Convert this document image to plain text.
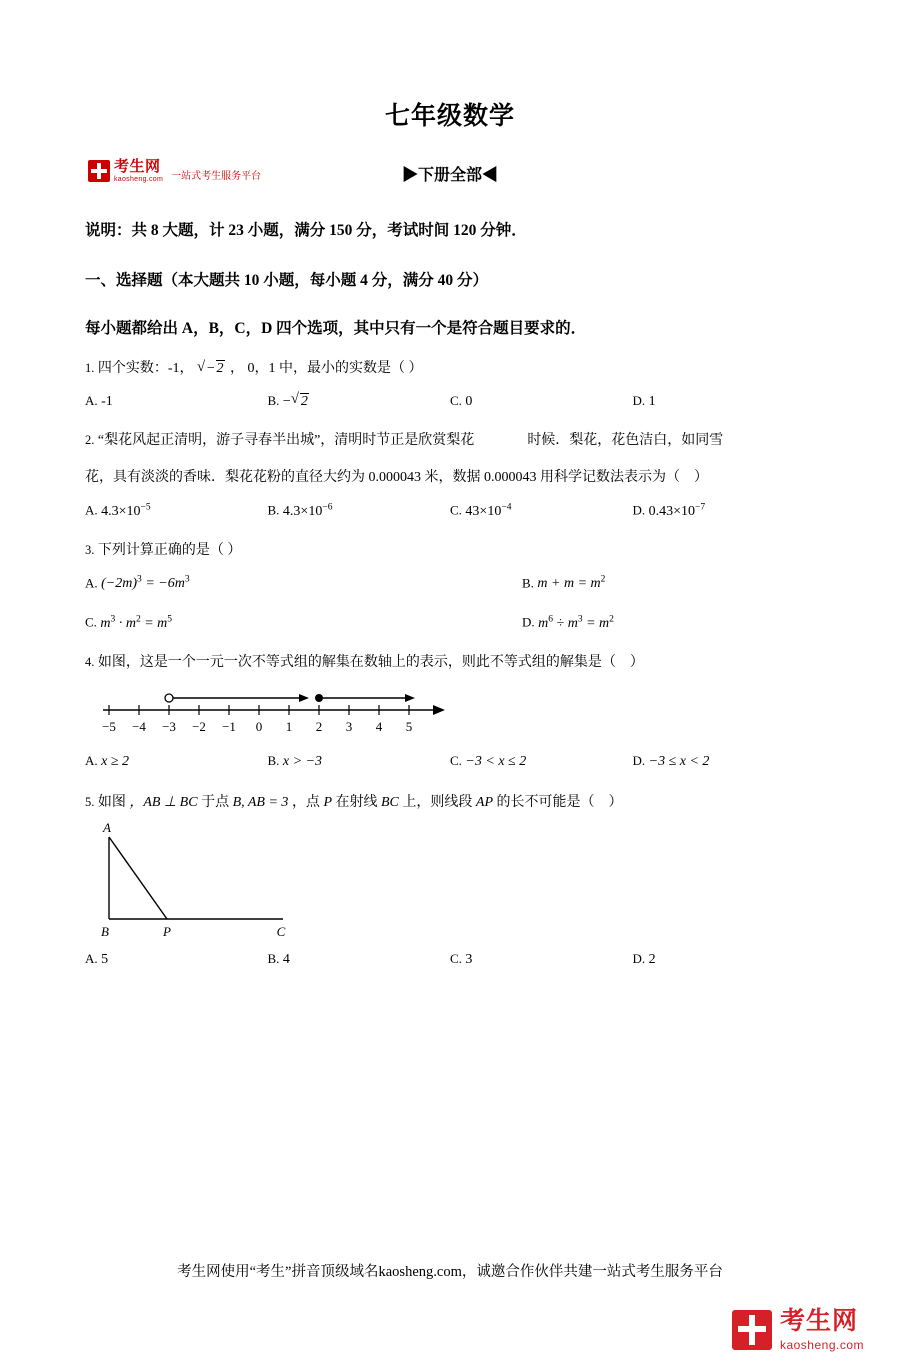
考生网
kaosheng.com 一站式考生服务平台
七年级数学
▶下册全部◀
说明：共 8 大题，计 23 小题，满分 150 分，考试时间 120 分钟．
一、选择题（本大题共 10 小题，每小题 4 分，满分 40 分）
每小题都给出 A，B，C，D 四个选项，其中只有一个是符合题目要求的．
1. 四个实数：‑1， √ −2 ， 0，1 中，最小的实数是（ ）
A. ‑1	B. − √ 2	C. 0	D. 1
2. “梨花风起正清明，游子寻春半出城”，清明时节正是欣赏梨花	时候．梨花，花色洁白，如同雪
花，具有淡淡的香味．梨花花粉的直径大约为 0.000043 米，数据 0.000043 用科学记数法表示为（　）
A. $4.3\times 10^{-5}$	B. $4.3\times 10^{-6}$	C. $43\times 10^{-4}$	D. $0.43\times 10^{-7}$
3. 下列计算正确的是（ ）
A. $(-2m)^3 = -6m^3$	B. $m + m = m^2$
C. $m^3 \cdot m^2 = m^5$	D. $m^6 \div m^3 = m^2$
4. 如图，这是一个一元一次不等式组的解集在数轴上的表示，则此不等式组的解集是（　）
−5 −4 −3 −2 −1 0 1 2 3 4 5
A. x ≥ 2	B. x > −3	C. −3 < x ≤ 2	D. −3 ≤ x < 2
5. 如图 ，AB ⊥ BC 于点 B, AB = 3 ，点 P 在射线 BC 上，则线段 AP 的长不可能是（　）
A
B	P	C
A. 5	B. 4	C. 3	D. 2
考生网使用“考生”拼音顶级域名kaosheng.com，诚邀合作伙伴共建一站式考生服务平台
考生网
kaosheng.com
